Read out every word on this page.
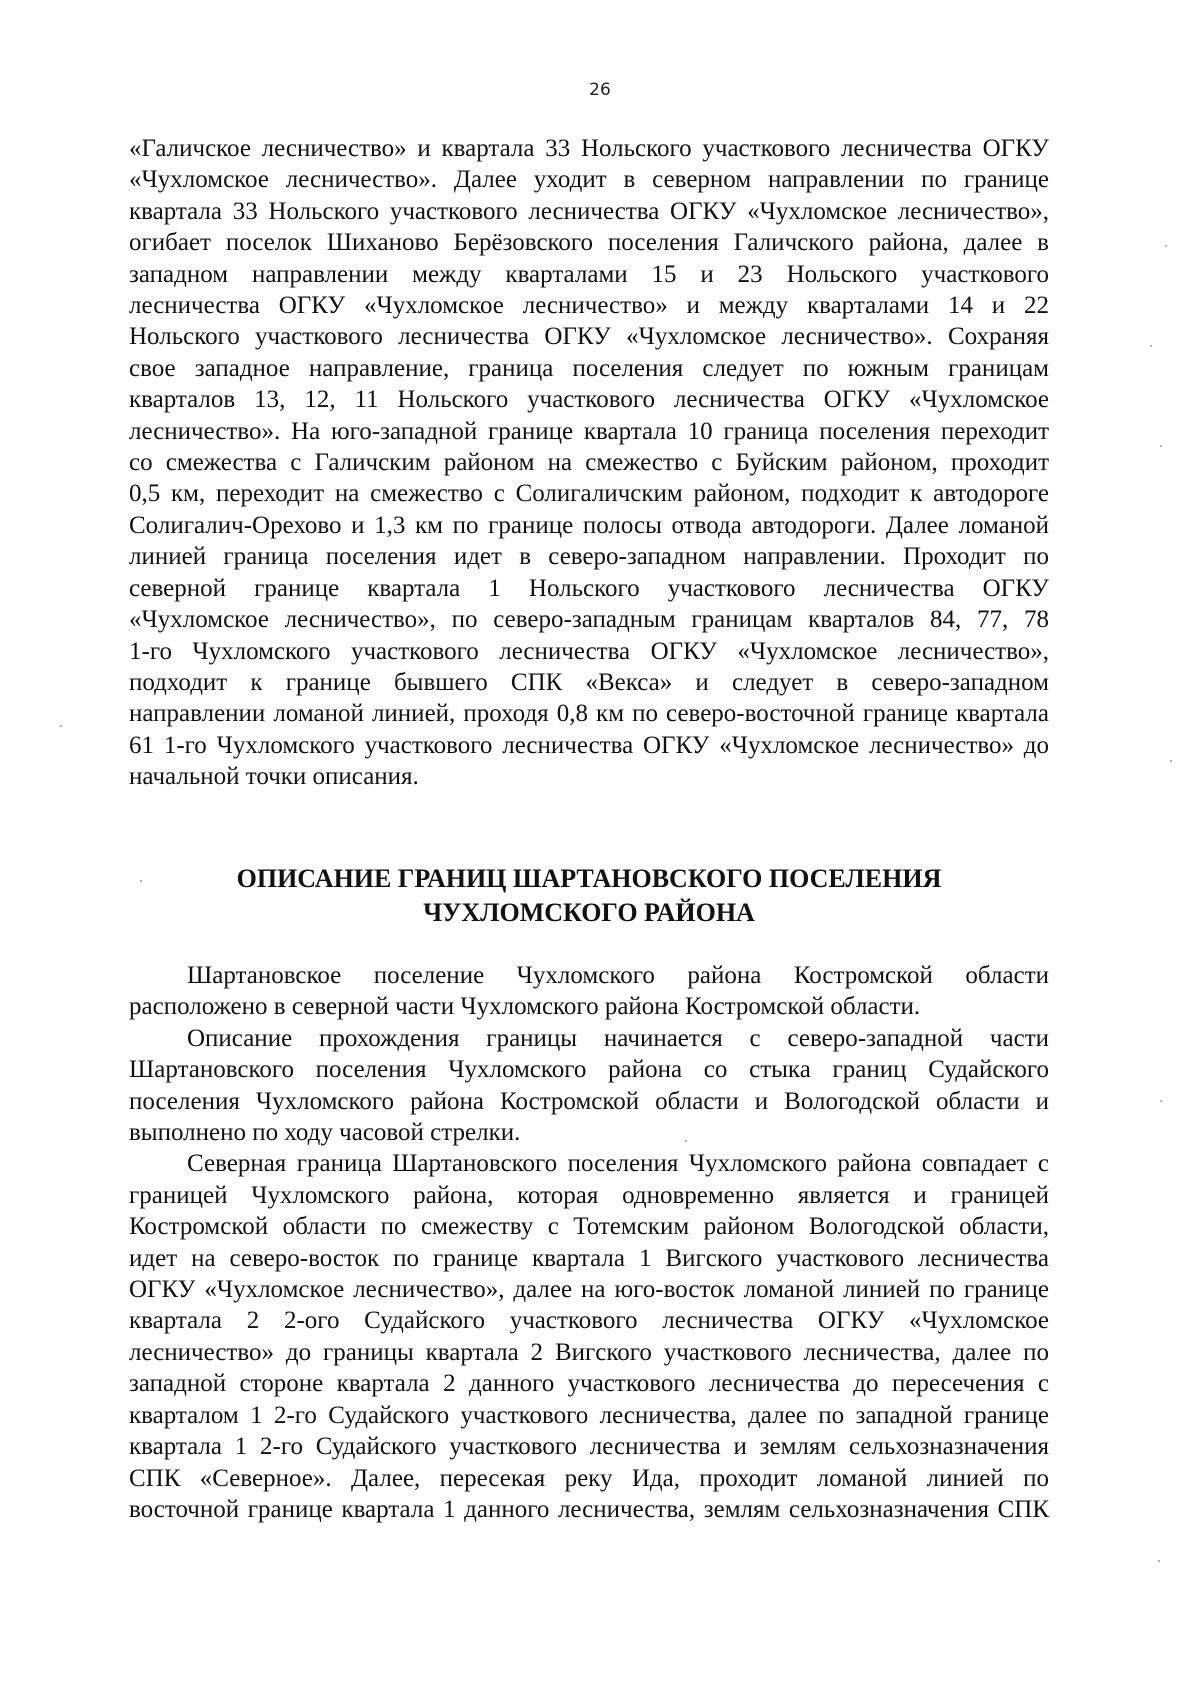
26
«Галичское лесничество» и квартала 33 Нольского участкового лесничества ОГКУ
«Чухломское лесничество». Далее уходит в северном направлении по границе
квартала 33 Нольского участкового лесничества ОГКУ «Чухломское лесничество»,
огибает поселок Шиханово Берёзовского поселения Галичского района, далее в
западном направлении между кварталами 15 и 23 Нольского участкового
лесничества ОГКУ «Чухломское лесничество» и между кварталами 14 и 22
Нольского участкового лесничества ОГКУ «Чухломское лесничество». Сохраняя
свое западное направление, граница поселения следует по южным границам
кварталов 13, 12, 11 Нольского участкового лесничества ОГКУ «Чухломское
лесничество». На юго-западной границе квартала 10 граница поселения переходит
со смежества с Галичским районом на смежество с Буйским районом, проходит
0,5 км, переходит на смежество с Солигаличским районом, подходит к автодороге
Солигалич-Орехово и 1,3 км по границе полосы отвода автодороги. Далее ломаной
линией граница поселения идет в северо-западном направлении. Проходит по
северной границе квартала 1 Нольского участкового лесничества ОГКУ
«Чухломское лесничество», по северо-западным границам кварталов 84, 77, 78
1-го Чухломского участкового лесничества ОГКУ «Чухломское лесничество»,
подходит к границе бывшего СПК «Векса» и следует в северо-западном
направлении ломаной линией, проходя 0,8 км по северо-восточной границе квартала
61 1-го Чухломского участкового лесничества ОГКУ «Чухломское лесничество» до
начальной точки описания.
ОПИСАНИЕ ГРАНИЦ ШАРТАНОВСКОГО ПОСЕЛЕНИЯ
ЧУХЛОМСКОГО РАЙОНА
Шартановское поселение Чухломского района Костромской области
расположено в северной части Чухломского района Костромской области.
Описание прохождения границы начинается с северо-западной части
Шартановского поселения Чухломского района со стыка границ Судайского
поселения Чухломского района Костромской области и Вологодской области и
выполнено по ходу часовой стрелки.
Северная граница Шартановского поселения Чухломского района совпадает с
границей Чухломского района, которая одновременно является и границей
Костромской области по смежеству с Тотемским районом Вологодской области,
идет на северо-восток по границе квартала 1 Вигского участкового лесничества
ОГКУ «Чухломское лесничество», далее на юго-восток ломаной линией по границе
квартала 2 2-ого Судайского участкового лесничества ОГКУ «Чухломское
лесничество» до границы квартала 2 Вигского участкового лесничества, далее по
западной стороне квартала 2 данного участкового лесничества до пересечения с
кварталом 1 2-го Судайского участкового лесничества, далее по западной границе
квартала 1 2-го Судайского участкового лесничества и землям сельхозназначения
СПК «Северное». Далее, пересекая реку Ида, проходит ломаной линией по
восточной границе квартала 1 данного лесничества, землям сельхозназначения СПК
